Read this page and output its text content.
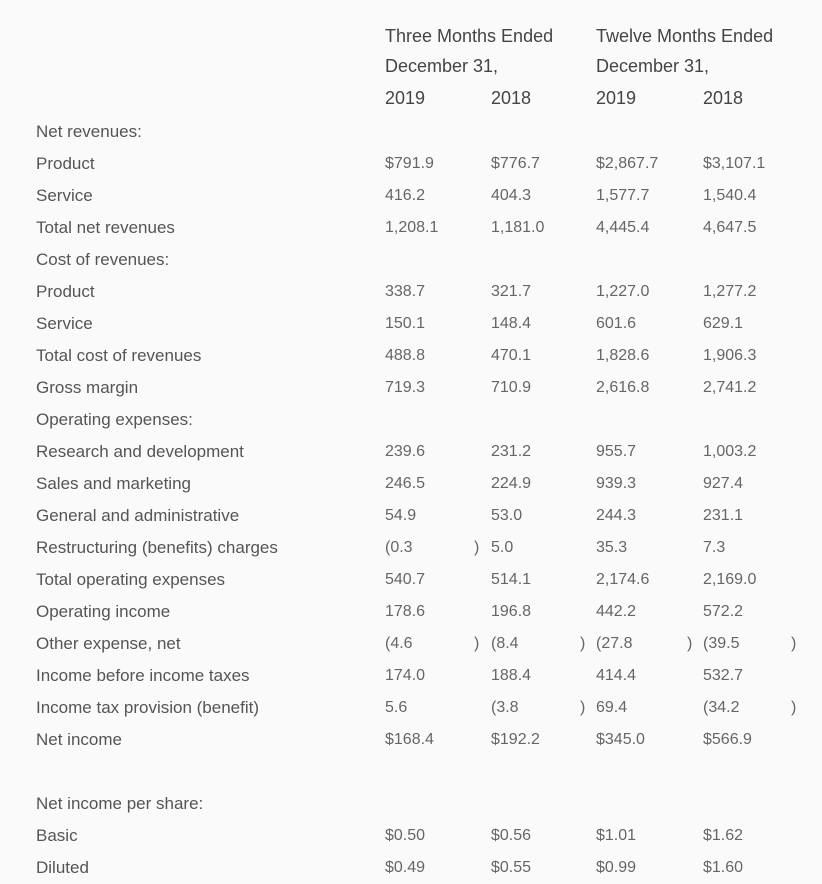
Three Months Ended
December 31,
Twelve Months Ended
December 31,
2019	2018	2019	2018
Net revenues:
Product	$791.9	$776.7	$2,867.7	$3,107.1
Service	416.2	404.3	1,577.7	1,540.4
Total net revenues	1,208.1	1,181.0	4,445.4	4,647.5
Cost of revenues:
Product	338.7	321.7	1,227.0	1,277.2
Service	150.1	148.4	601.6	629.1
Total cost of revenues	488.8	470.1	1,828.6	1,906.3
Gross margin	719.3	710.9	2,616.8	2,741.2
Operating expenses:
Research and development	239.6	231.2	955.7	1,003.2
Sales and marketing	246.5	224.9	939.3	927.4
General and administrative	54.9	53.0	244.3	231.1
Restructuring (benefits) charges	(0.3	5.0	35.3	7.3
Total operating expenses	540.7	514.1	2,174.6	2,169.0
Operating income	178.6	196.8	442.2	572.2
Other expense, net	(4.6	(8.4	(27.8	(39.5
Income before income taxes	174.0	188.4	414.4	532.7
Income tax provision (benefit)	5.6	(3.8	69.4	(34.2
Net income	$168.4	$192.2	$345.0	$566.9
Net income per share:
Basic	$0.50	$0.56	$1.01	$1.62
Diluted	$0.49	$0.55	$0.99	$1.60
)
)	)	)	)
)	)
